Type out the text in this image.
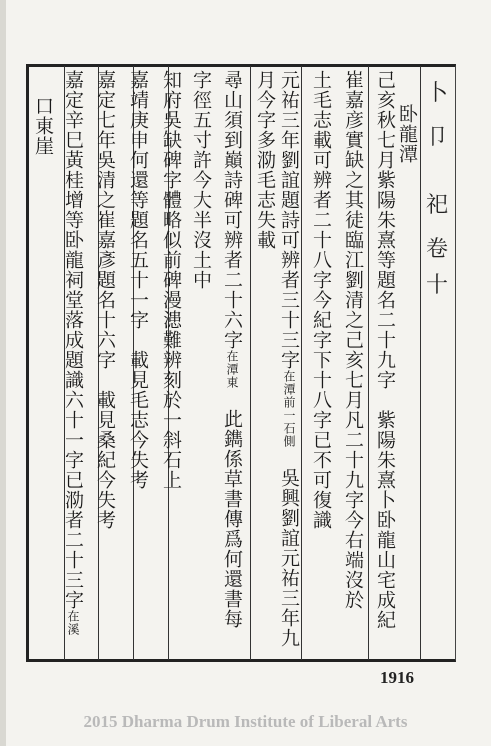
卜
卩
祀
卷
十
卧龍潭
己亥秋七月紫陽朱熹等題名二十九字　紫陽朱熹卜卧龍山宅成紀
崔嘉彦實缺之其徒臨江劉清之己亥七月凡二十九字今右端沒於
土毛志載可辨者二十八字今紀字下十八字已不可復識
元祐三年劉誼題詩可辨者三十三字在潭前一石側　吳興劉誼元祐三年九
月今字多泐毛志失載
尋山須到巔詩碑可辨者二十六字在潭東　此鐫係草書傳爲何還書每
字徑五寸許今大半沒土中
知府吳缺碑字體略似前碑漫漶難辨刻於一斜石上
嘉靖庚申何還等題名五十一字　載見毛志今失考
嘉定七年吳清之崔嘉彥題名十六字　載見桑紀今失考
嘉定辛巳黃桂增等卧龍祠堂落成題識六十一字已泐者二十三字在溪
口東崖
1916
2015 Dharma Drum Institute of Liberal Arts
